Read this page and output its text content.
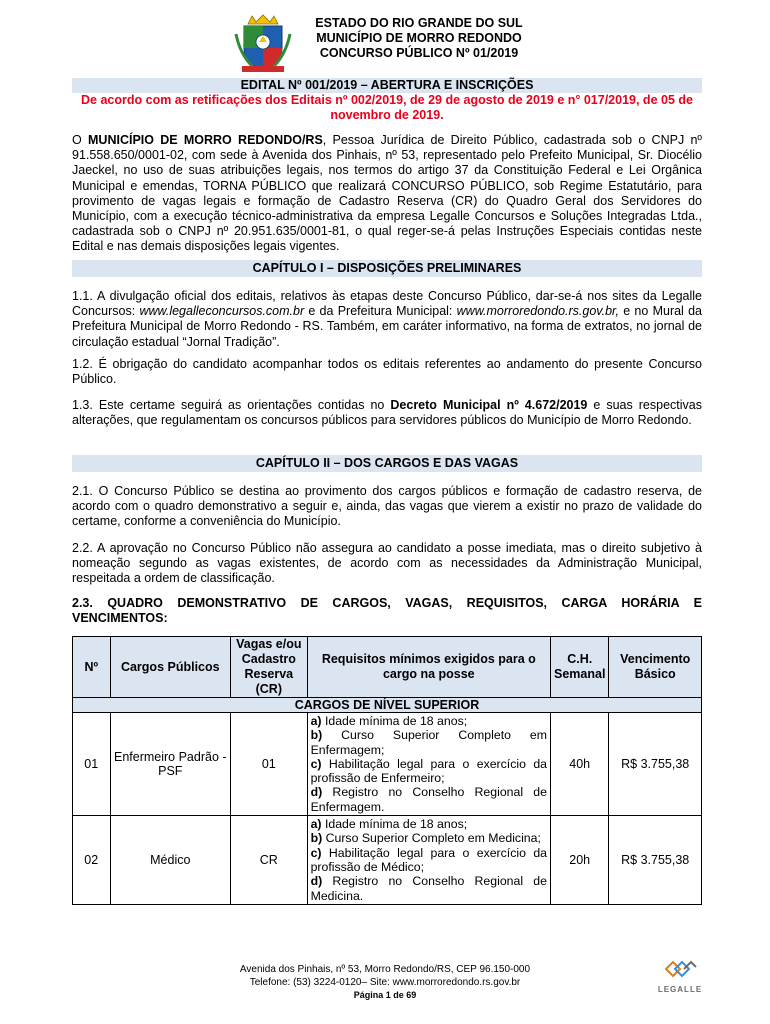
ESTADO DO RIO GRANDE DO SUL
MUNICÍPIO DE MORRO REDONDO
CONCURSO PÚBLICO Nº 01/2019
EDITAL Nº 001/2019 – ABERTURA E INSCRIÇÕES
De acordo com as retificações dos Editais nº 002/2019, de 29 de agosto de 2019 e n° 017/2019, de 05 de novembro de 2019.
O MUNICÍPIO DE MORRO REDONDO/RS, Pessoa Jurídica de Direito Público, cadastrada sob o CNPJ nº 91.558.650/0001-02, com sede à Avenida dos Pinhais, nº 53, representado pelo Prefeito Municipal, Sr. Diocélio Jaeckel, no uso de suas atribuições legais, nos termos do artigo 37 da Constituição Federal e Lei Orgânica Municipal e emendas, TORNA PÚBLICO que realizará CONCURSO PÚBLICO, sob Regime Estatutário, para provimento de vagas legais e formação de Cadastro Reserva (CR) do Quadro Geral dos Servidores do Município, com a execução técnico-administrativa da empresa Legalle Concursos e Soluções Integradas Ltda., cadastrada sob o CNPJ nº 20.951.635/0001-81, o qual reger-se-á pelas Instruções Especiais contidas neste Edital e nas demais disposições legais vigentes.
CAPÍTULO I – DISPOSIÇÕES PRELIMINARES
1.1. A divulgação oficial dos editais, relativos às etapas deste Concurso Público, dar-se-á nos sites da Legalle Concursos: www.legalleconcursos.com.br e da Prefeitura Municipal: www.morroredondo.rs.gov.br, e no Mural da Prefeitura Municipal de Morro Redondo - RS. Também, em caráter informativo, na forma de extratos, no jornal de circulação estadual “Jornal Tradição”.
1.2. É obrigação do candidato acompanhar todos os editais referentes ao andamento do presente Concurso Público.
1.3. Este certame seguirá as orientações contidas no Decreto Municipal nº 4.672/2019 e suas respectivas alterações, que regulamentam os concursos públicos para servidores públicos do Município de Morro Redondo.
CAPÍTULO II – DOS CARGOS E DAS VAGAS
2.1. O Concurso Público se destina ao provimento dos cargos públicos e formação de cadastro reserva, de acordo com o quadro demonstrativo a seguir e, ainda, das vagas que vierem a existir no prazo de validade do certame, conforme a conveniência do Município.
2.2. A aprovação no Concurso Público não assegura ao candidato a posse imediata, mas o direito subjetivo à nomeação segundo as vagas existentes, de acordo com as necessidades da Administração Municipal, respeitada a ordem de classificação.
2.3. QUADRO DEMONSTRATIVO DE CARGOS, VAGAS, REQUISITOS, CARGA HORÁRIA E VENCIMENTOS:
Nº	Cargos Públicos	Vagas e/ou Cadastro Reserva (CR)	Requisitos mínimos exigidos para o cargo na posse	C.H. Semanal	Vencimento Básico
CARGOS DE NÍVEL SUPERIOR					
01	Enfermeiro Padrão - PSF	01	a) Idade mínima de 18 anos;
b) Curso Superior Completo em Enfermagem;
c) Habilitação legal para o exercício da profissão de Enfermeiro;
d) Registro no Conselho Regional de Enfermagem.	40h	R$ 3.755,38
02	Médico	CR	a) Idade mínima de 18 anos;
b) Curso Superior Completo em Medicina;
c) Habilitação legal para o exercício da profissão de Médico;
d) Registro no Conselho Regional de Medicina.	20h	R$ 3.755,38
Avenida dos Pinhais, nº 53, Morro Redondo/RS, CEP 96.150-000
Telefone: (53) 3224-0120– Site: www.morroredondo.rs.gov.br
Página 1 de 69
LEGALLE
